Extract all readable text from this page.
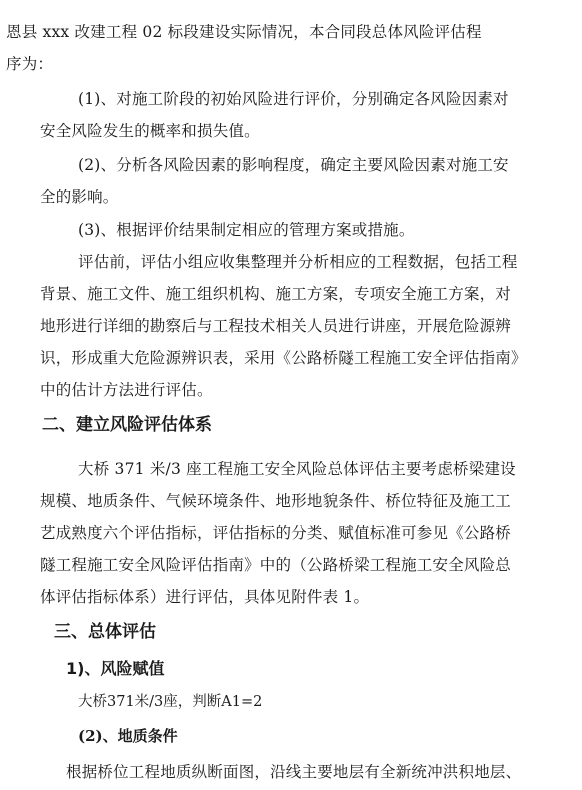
恩县 xxx 改建工程 02 标段建设实际情况，本合同段总体风险评估程
序为：
(1)、对施工阶段的初始风险进行评价，分别确定各风险因素对
安全风险发生的概率和损失值。
(2)、分析各风险因素的影响程度，确定主要风险因素对施工安
全的影响。
(3)、根据评价结果制定相应的管理方案或措施。
评估前，评估小组应收集整理并分析相应的工程数据，包括工程
背景、施工文件、施工组织机构、施工方案，专项安全施工方案，对
地形进行详细的勘察后与工程技术相关人员进行讲座，开展危险源辨
识，形成重大危险源辨识表，采用《公路桥隧工程施工安全评估指南》
中的估计方法进行评估。
二、建立风险评估体系
大桥 371 米/3 座工程施工安全风险总体评估主要考虑桥梁建设
规模、地质条件、气候环境条件、地形地貌条件、桥位特征及施工工
艺成熟度六个评估指标，评估指标的分类、赋值标准可参见《公路桥
隧工程施工安全风险评估指南》中的（公路桥梁工程施工安全风险总
体评估指标体系）进行评估，具体见附件表 1。
三、总体评估
1)、风险赋值
大桥371米/3座，判断A1=2
(2)、地质条件
根据桥位工程地质纵断面图，沿线主要地层有全新统冲洪积地层、
